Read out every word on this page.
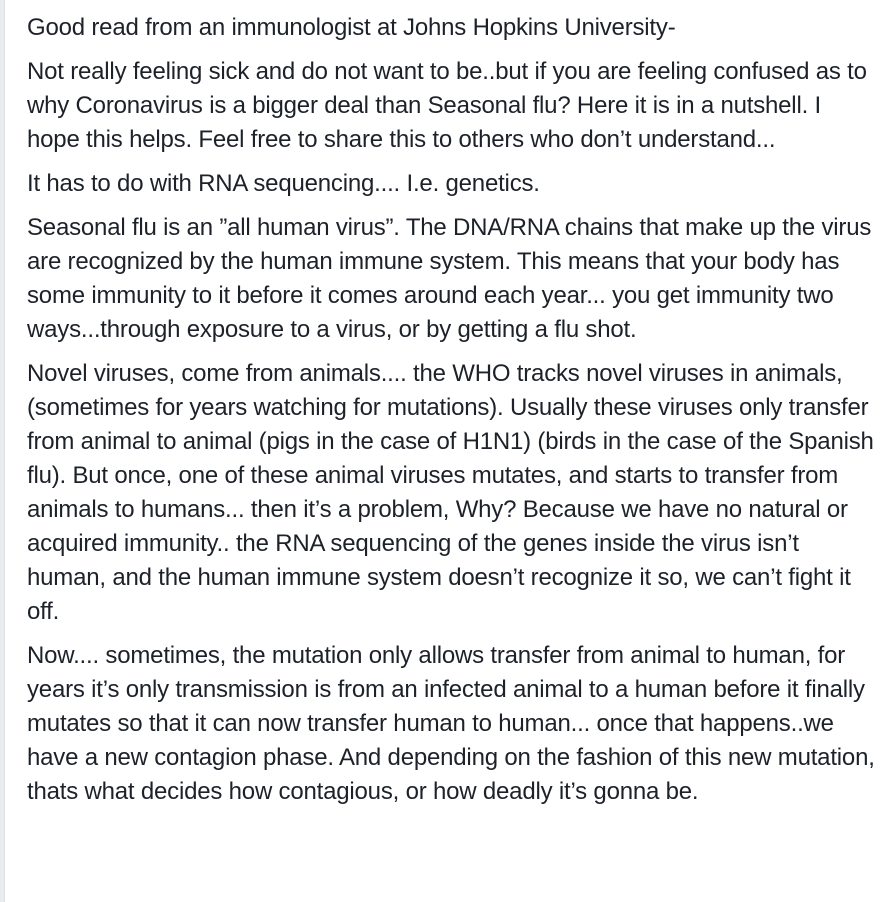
Good read from an immunologist at Johns Hopkins University-

Not really feeling sick and do not want to be..but if you are feeling confused as to why Coronavirus is a bigger deal than Seasonal flu? Here it is in a nutshell. I hope this helps. Feel free to share this to others who don’t understand...

It has to do with RNA sequencing.... I.e. genetics.

Seasonal flu is an ”all human virus”. The DNA/RNA chains that make up the virus are recognized by the human immune system. This means that your body has some immunity to it before it comes around each year... you get immunity two ways...through exposure to a virus, or by getting a flu shot.

Novel viruses, come from animals.... the WHO tracks novel viruses in animals, (sometimes for years watching for mutations). Usually these viruses only transfer from animal to animal (pigs in the case of H1N1) (birds in the case of the Spanish flu). But once, one of these animal viruses mutates, and starts to transfer from animals to humans... then it’s a problem, Why? Because we have no natural or acquired immunity.. the RNA sequencing of the genes inside the virus isn’t human, and the human immune system doesn’t recognize it so, we can’t fight it off.

Now.... sometimes, the mutation only allows transfer from animal to human, for years it’s only transmission is from an infected animal to a human before it finally mutates so that it can now transfer human to human... once that happens..we have a new contagion phase. And depending on the fashion of this new mutation, thats what decides how contagious, or how deadly it’s gonna be.
